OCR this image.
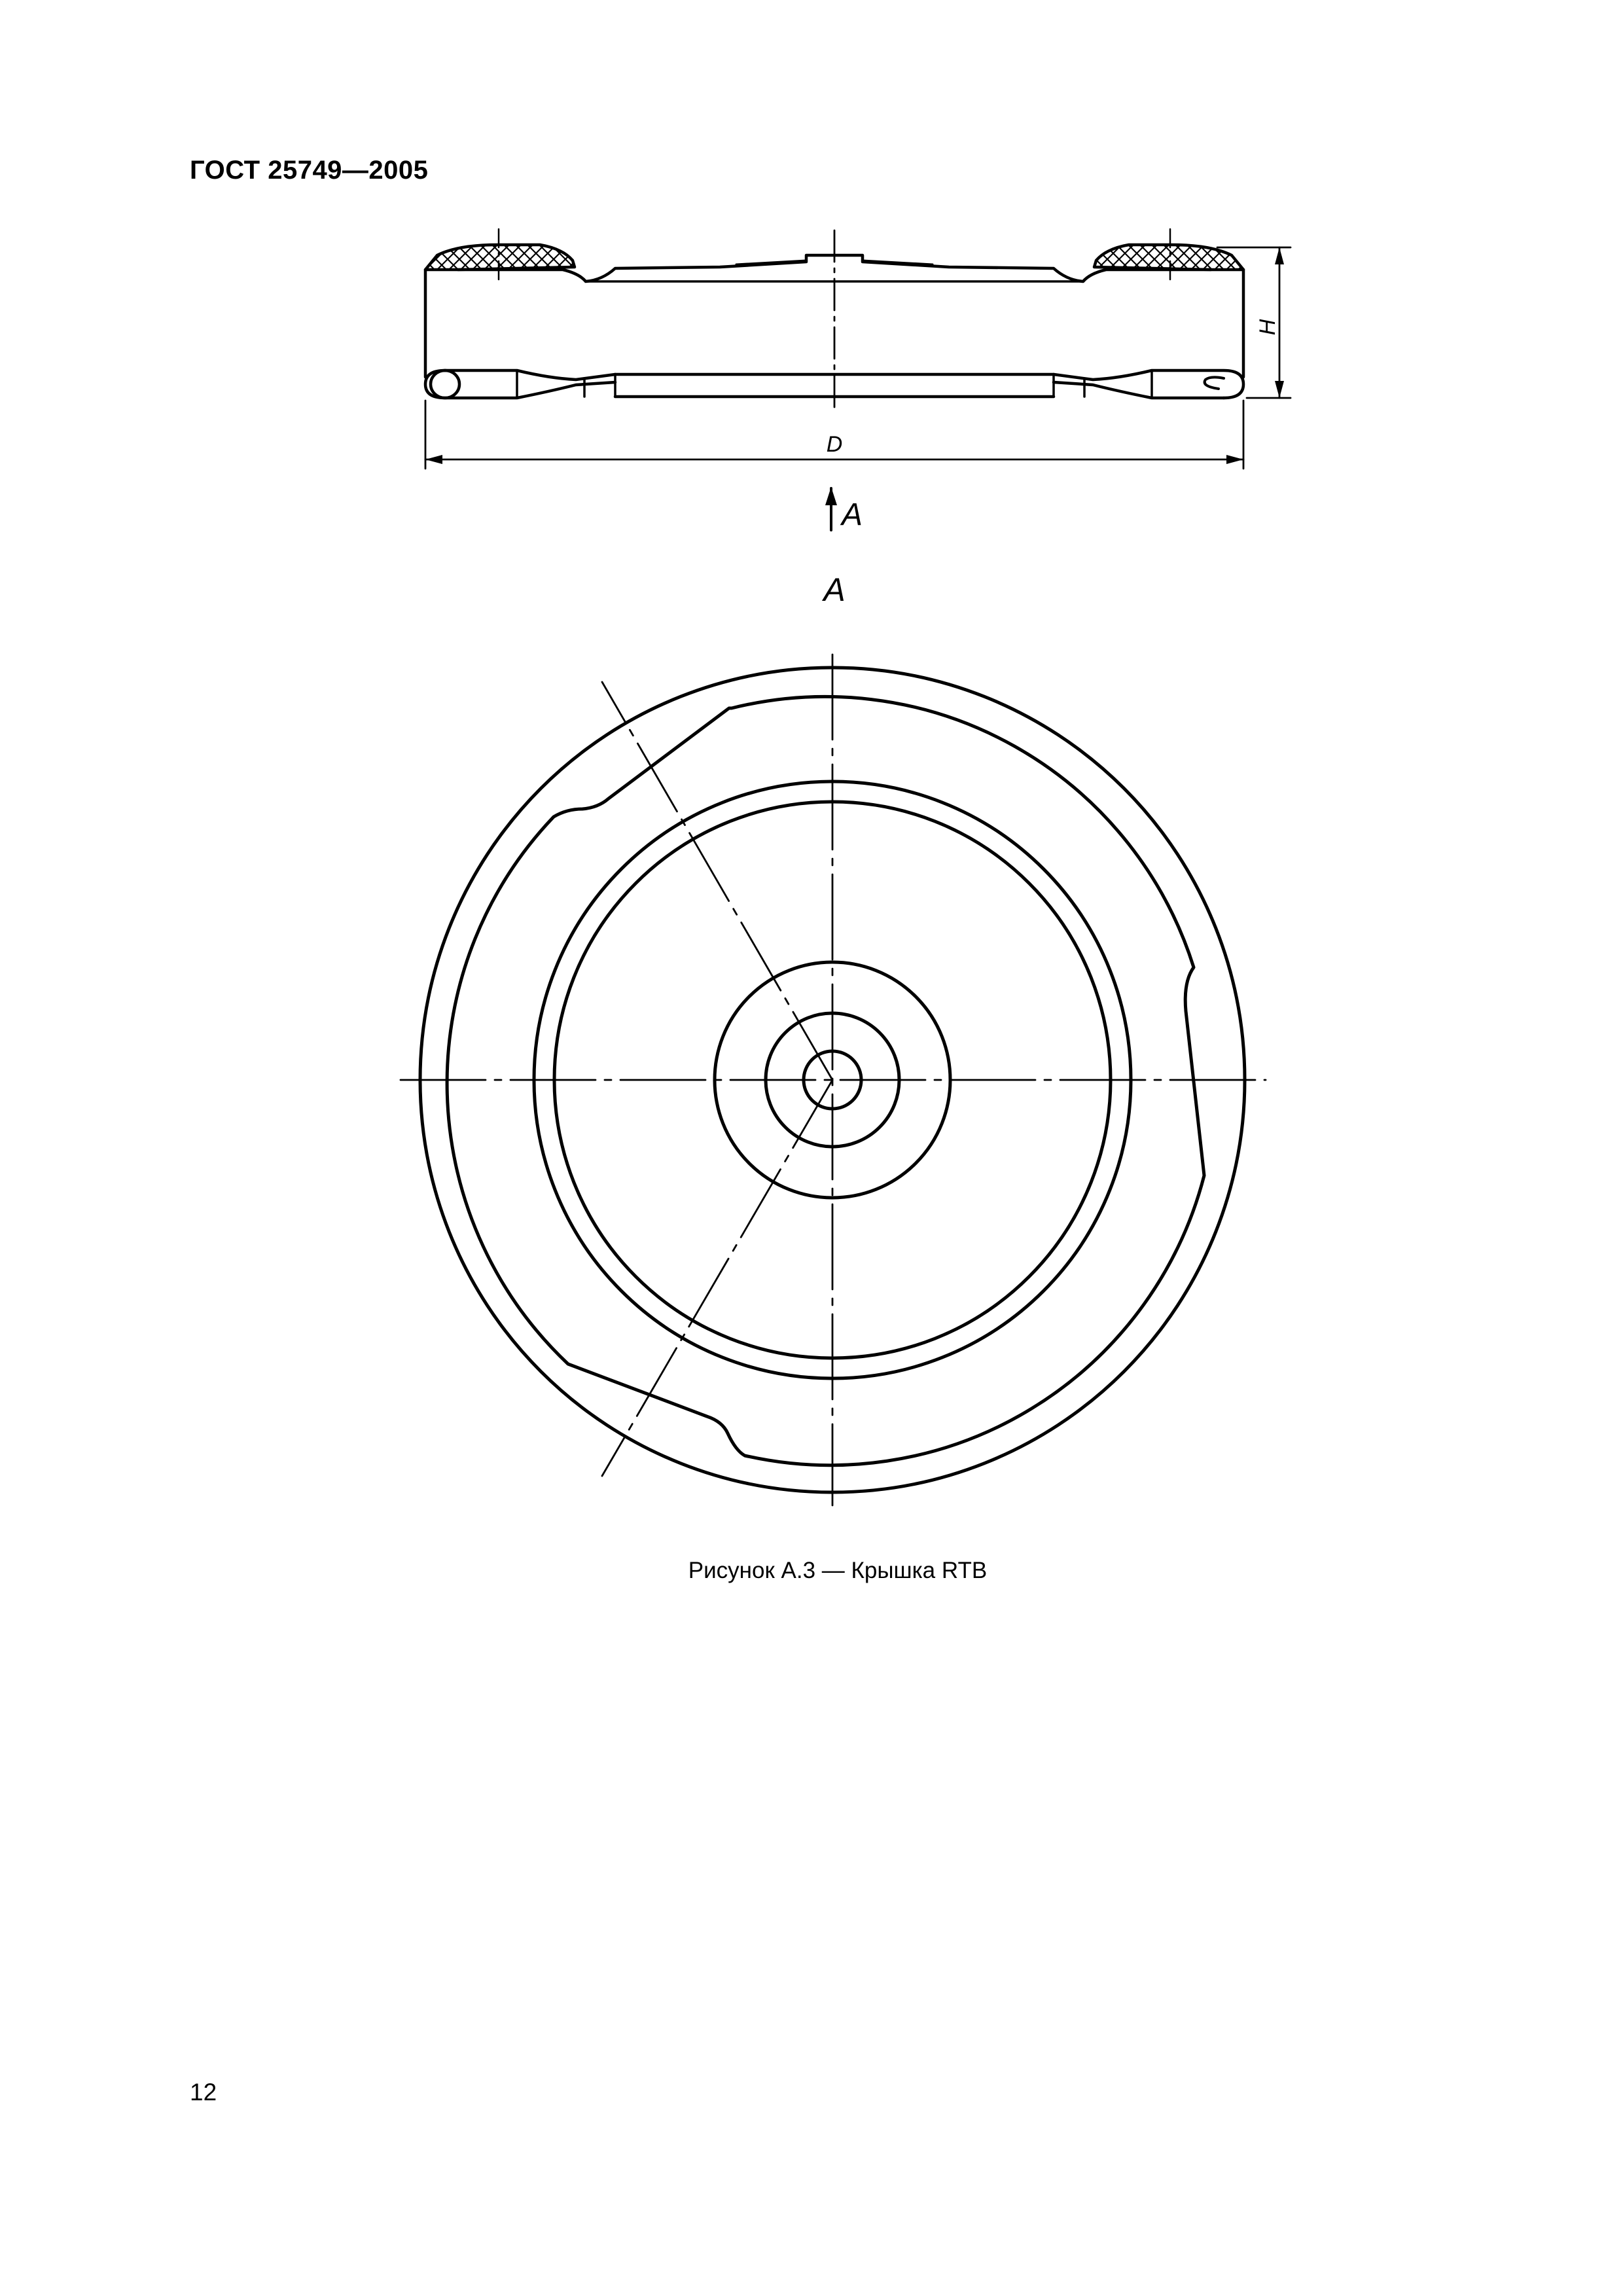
ГОСТ 25749—2005
H
D
A
A
Рисунок А.3 — Крышка RTB
12
